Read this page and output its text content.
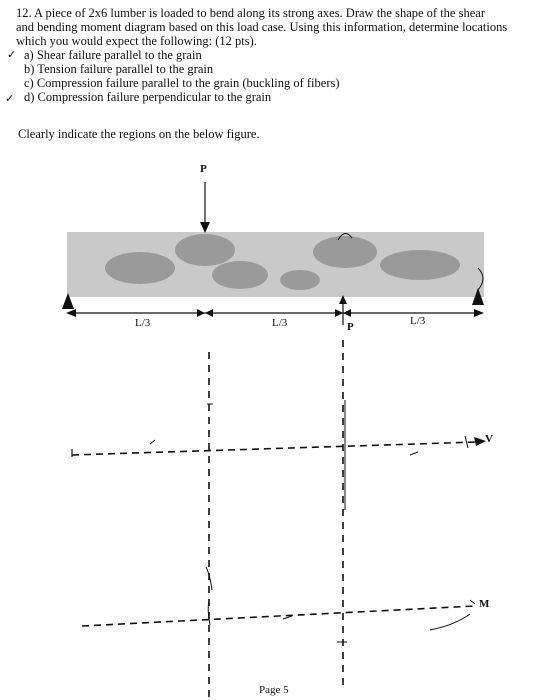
12. A piece of 2x6 lumber is loaded to bend along its strong axes. Draw the shape of the shear
and bending moment diagram based on this load case. Using this information, determine locations
which you would expect the following: (12 pts).
a) Shear failure parallel to the grain
b) Tension failure parallel to the grain
c) Compression failure parallel to the grain (buckling of fibers)
d) Compression failure perpendicular to the grain
✓
✓
Clearly indicate the regions on the below figure.
P
P
L/3	L/3	L/3
V
M
Page 5
